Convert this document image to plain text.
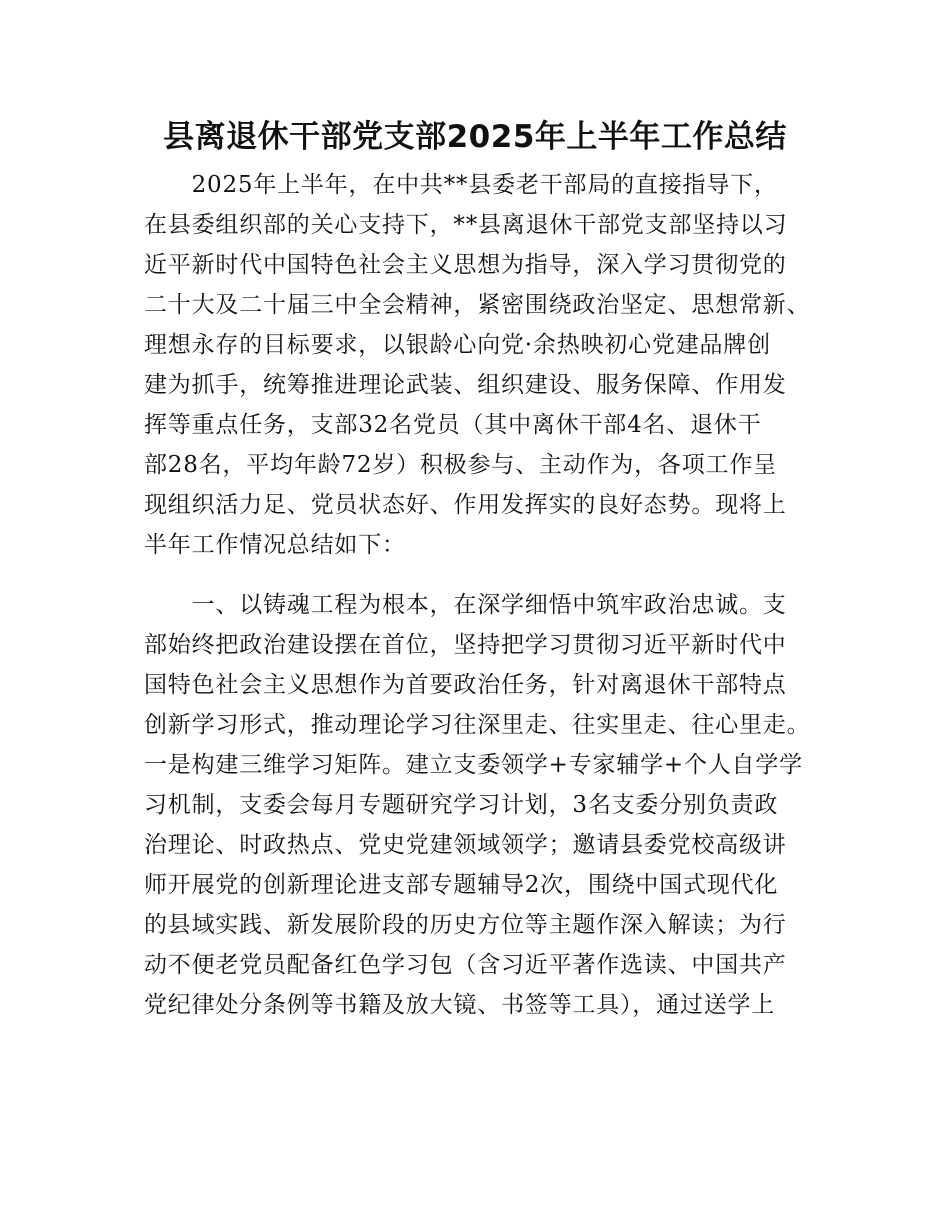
县离退休干部党支部2025年上半年工作总结
　　2025年上半年，在中共**县委老干部局的直接指导下，
在县委组织部的关心支持下，**县离退休干部党支部坚持以习
近平新时代中国特色社会主义思想为指导，深入学习贯彻党的
二十大及二十届三中全会精神，紧密围绕政治坚定、思想常新、
理想永存的目标要求，以银龄心向党·余热映初心党建品牌创
建为抓手，统筹推进理论武装、组织建设、服务保障、作用发
挥等重点任务，支部32名党员（其中离休干部4名、退休干
部28名，平均年龄72岁）积极参与、主动作为，各项工作呈
现组织活力足、党员状态好、作用发挥实的良好态势。现将上
半年工作情况总结如下：
　　一、以铸魂工程为根本，在深学细悟中筑牢政治忠诚。支
部始终把政治建设摆在首位，坚持把学习贯彻习近平新时代中
国特色社会主义思想作为首要政治任务，针对离退休干部特点
创新学习形式，推动理论学习往深里走、往实里走、往心里走。
一是构建三维学习矩阵。建立支委领学+专家辅学+个人自学学
习机制，支委会每月专题研究学习计划，3名支委分别负责政
治理论、时政热点、党史党建领域领学；邀请县委党校高级讲
师开展党的创新理论进支部专题辅导2次，围绕中国式现代化
的县域实践、新发展阶段的历史方位等主题作深入解读；为行
动不便老党员配备红色学习包（含习近平著作选读、中国共产
党纪律处分条例等书籍及放大镜、书签等工具），通过送学上
